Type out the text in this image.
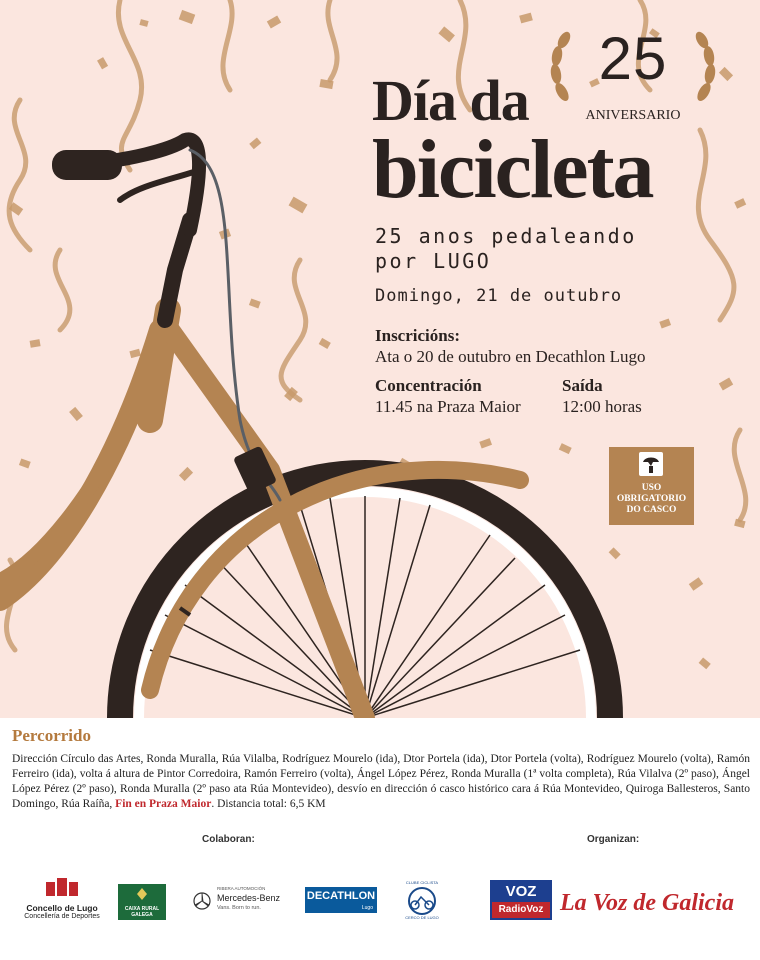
25
ANIVERSARIO
Día da
bicicleta
25 anos pedaleando
por LUGO
Domingo, 21 de outubro
Inscricións:
Ata o 20 de outubro en Decathlon Lugo
Concentración
11.45 na Praza Maior
Saída
12:00 horas
USO
OBRIGATORIO
DO CASCO
Percorrido
Dirección Círculo das Artes, Ronda Muralla, Rúa Vilalba, Rodríguez Mourelo (ida), Dtor Portela (ida), Dtor Portela (volta), Rodríguez Mourelo (volta), Ramón Ferreiro (ida), volta á altura de Pintor Corredoira, Ramón Ferreiro (volta), Ángel López Pérez, Ronda Muralla (1ª volta completa), Rúa Vilalva (2º paso), Ángel López Pérez (2º paso), Ronda Muralla (2º paso ata Rúa Montevideo), desvío en dirección ó casco histórico cara á Rúa Montevideo, Quiroga Ballesteros, Santo Domingo, Rúa Raíña, Fin en Praza Maior. Distancia total: 6,5 KM
Colaboran:	Organizan:
Concello de Lugo
Concellería de Deportes
CAIXA RURAL
GALEGA
RIBERA AUTOMOCIÓN
Mercedes-Benz
Vans. Born to run.
DECATHLON
Lugo
CLUBE CICLISTA
CERCO DE LUGO
VOZ
RadioVoz La Voz de Galicia
